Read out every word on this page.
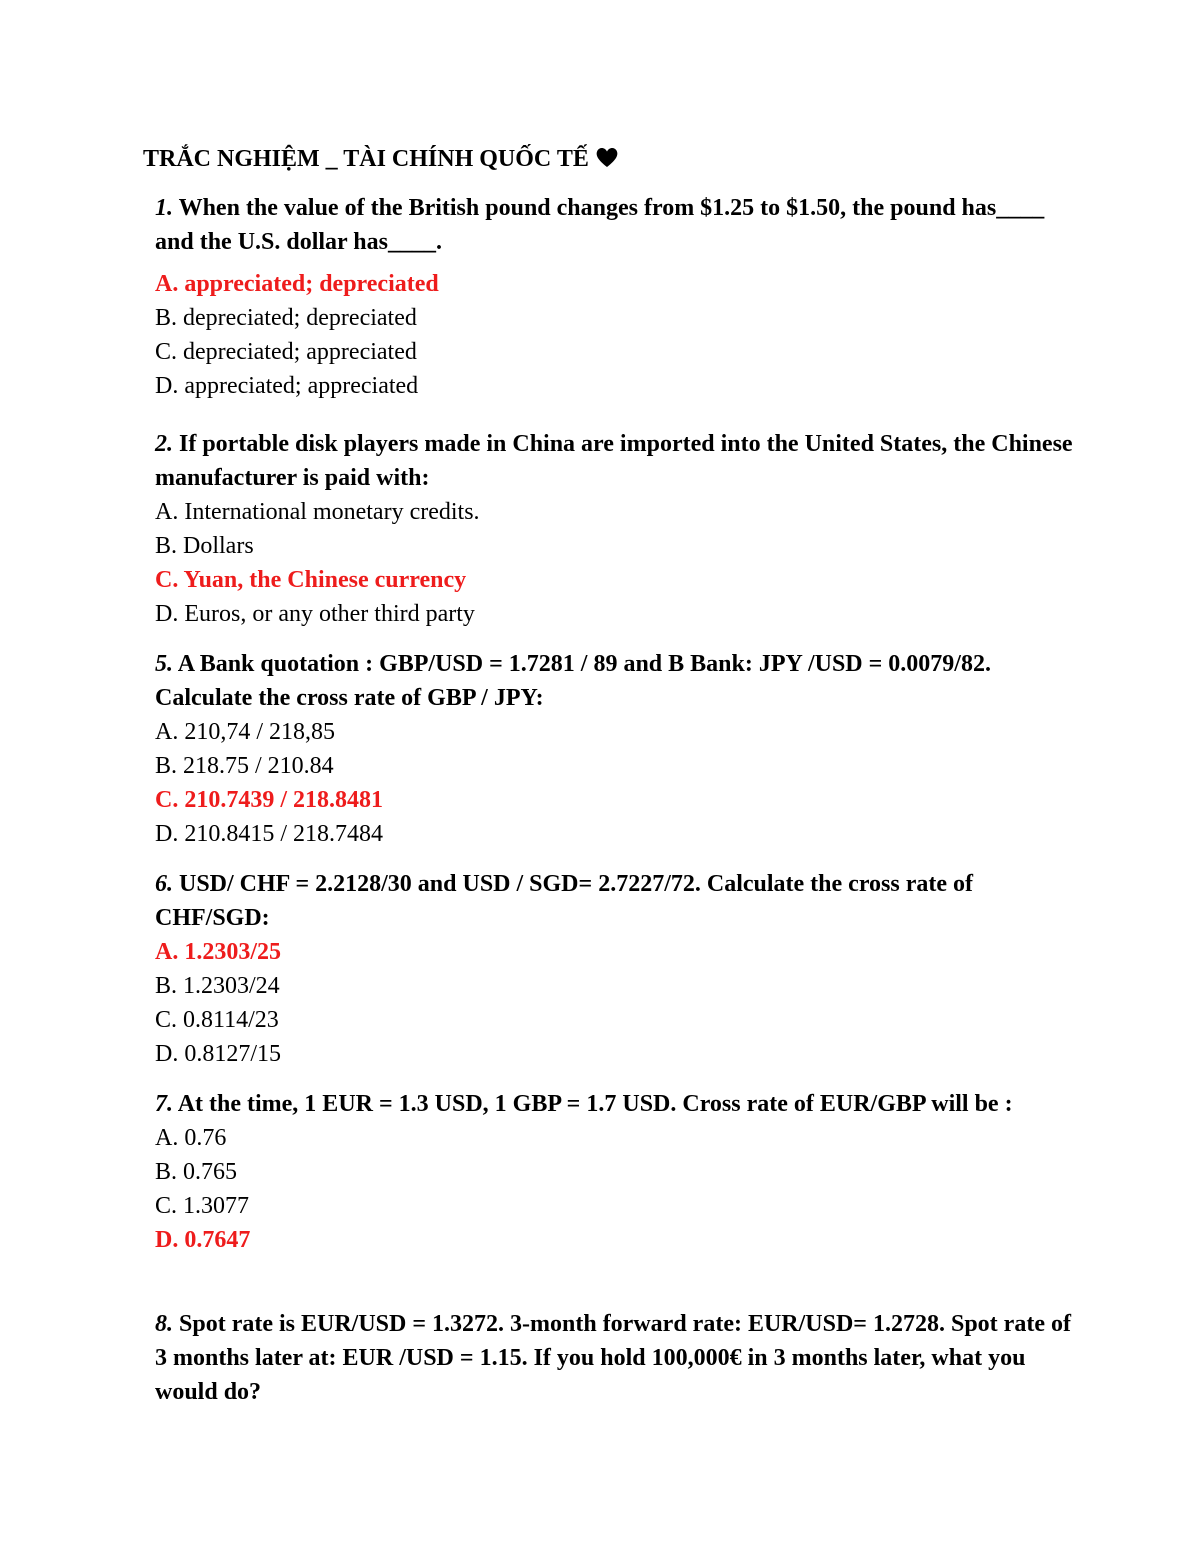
TRẮC NGHIỆM _ TÀI CHÍNH QUỐC TẾ

1. When the value of the British pound changes from $1.25 to $1.50, the pound has____ and the U.S. dollar has____.

A. appreciated; depreciated

B. depreciated; depreciated

C. depreciated; appreciated

D. appreciated; appreciated

2. If portable disk players made in China are imported into the United States, the Chinese manufacturer is paid with:

A. International monetary credits.

B. Dollars

C. Yuan, the Chinese currency

D. Euros, or any other third party

5. A Bank quotation : GBP/USD = 1.7281 / 89 and B Bank: JPY /USD = 0.0079/82. Calculate the cross rate of GBP / JPY:

A. 210,74 / 218,85

B. 218.75 / 210.84

C. 210.7439 / 218.8481

D. 210.8415 / 218.7484

6. USD/ CHF = 2.2128/30 and USD / SGD= 2.7227/72. Calculate the cross rate of CHF/SGD:

A. 1.2303/25

B. 1.2303/24

C. 0.8114/23

D. 0.8127/15

7. At the time, 1 EUR = 1.3 USD, 1 GBP = 1.7 USD. Cross rate of EUR/GBP will be :

A. 0.76

B. 0.765

C. 1.3077

D. 0.7647

8. Spot rate is EUR/USD = 1.3272. 3-month forward rate: EUR/USD= 1.2728. Spot rate of 3 months later at: EUR /USD = 1.15. If you hold 100,000€ in 3 months later, what you would do?
